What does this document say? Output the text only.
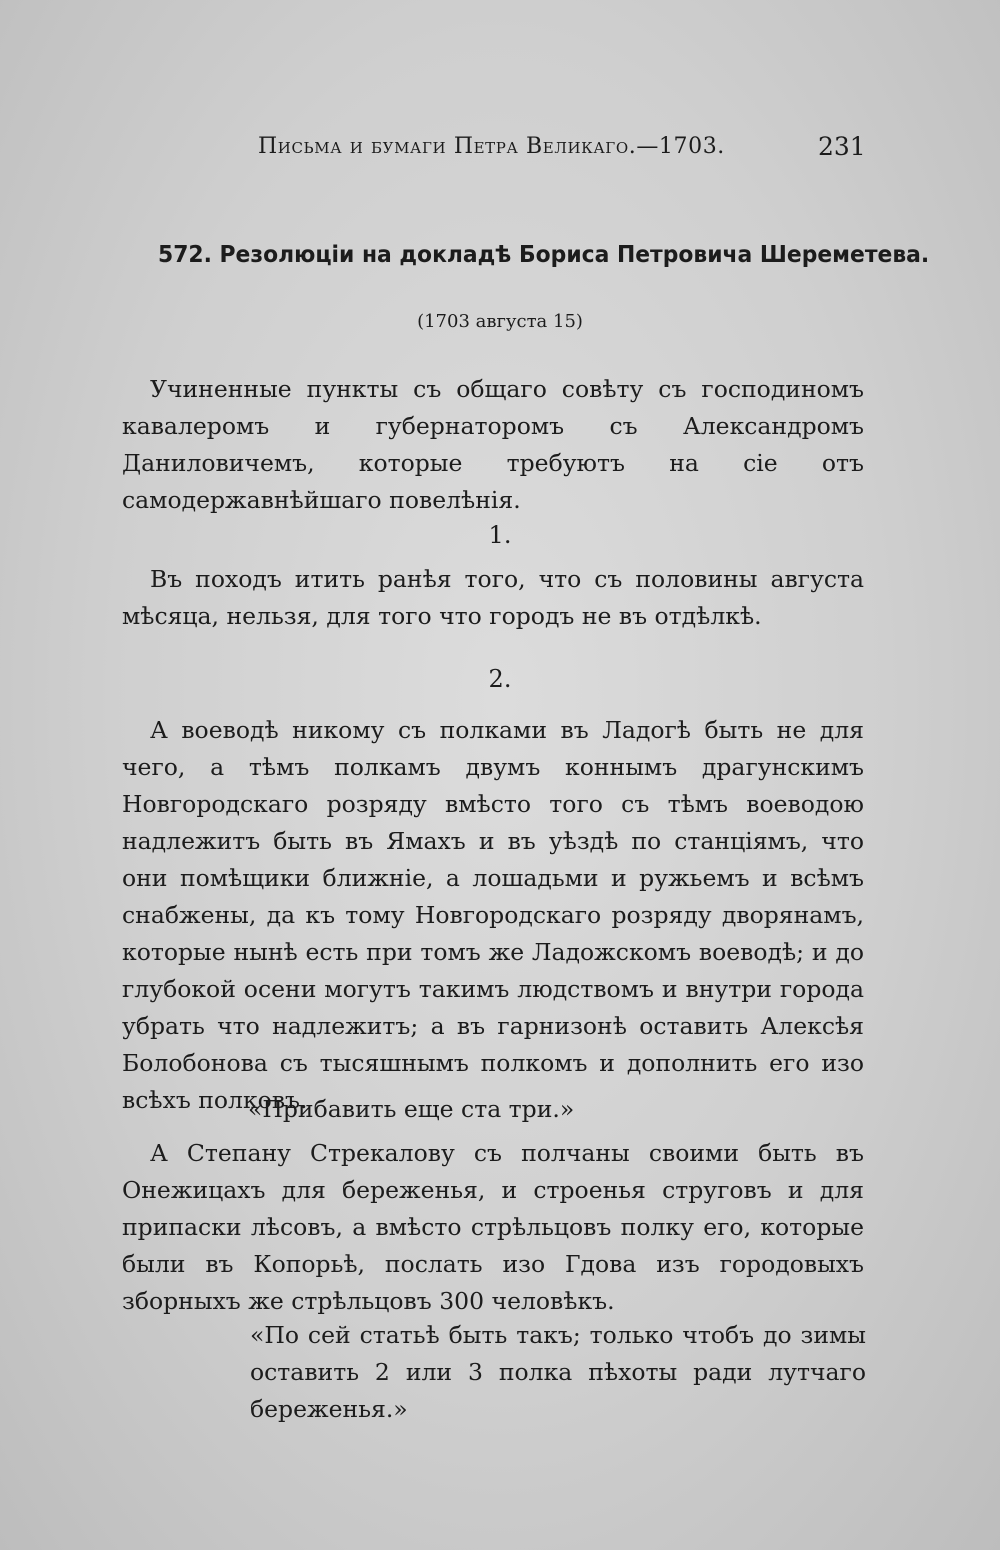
Письма и бумаги Петра Великаго.—1703.	231
572. Резолюціи на докладѣ Бориса Петровича Шереметева.
(1703 августа 15)
Учиненные пункты съ общаго совѣту съ господиномъ кавалеромъ и губернаторомъ съ Александромъ Даниловичемъ, которые требуютъ на сіе отъ самодержавнѣйшаго повелѣнія.
1.
Въ походъ итить ранѣя того, что съ половины августа мѣсяца, нельзя, для того что городъ не въ отдѣлкѣ.
2.
А воеводѣ никому съ полками въ Ладогѣ быть не для чего, а тѣмъ полкамъ двумъ коннымъ драгунскимъ Новгородскаго розряду вмѣсто того съ тѣмъ воеводою надлежитъ быть въ Ямахъ и въ уѣздѣ по станціямъ, что они помѣщики ближніе, а лошадьми и ружьемъ и всѣмъ снабжены, да къ тому Новгородскаго розряду дворянамъ, которые нынѣ есть при томъ же Ладожскомъ воеводѣ; и до глубокой осени могутъ такимъ людствомъ и внутри города убрать что надлежитъ; а въ гарнизонѣ оставить Алексѣя Болобонова съ тысяшнымъ полкомъ и дополнить его изо всѣхъ полковъ.
«Прибавить еще ста три.»
А Степану Стрекалову съ полчаны своими быть въ Онежицахъ для береженья, и строенья струговъ и для припаски лѣсовъ, а вмѣсто стрѣльцовъ полку его, которые были въ Копорьѣ, послать изо Гдова изъ городовыхъ зборныхъ же стрѣльцовъ 300 человѣкъ.
«По сей статьѣ быть такъ; только чтобъ до зимы оставить 2 или 3 полка пѣхоты ради лутчаго береженья.»
